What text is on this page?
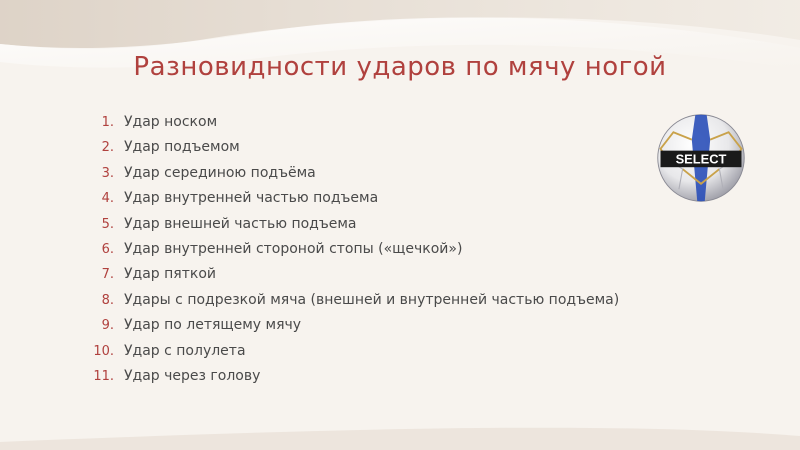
Разновидности ударов по мячу ногой
1. Удар носком
2. Удар подъемом
3. Удар серединою подъёма
4. Удар внутренней частью подъема
5. Удар внешней частью подъема
6. Удар внутренней стороной стопы («щечкой»)
7. Удар пяткой
8. Удары с подрезкой мяча (внешней и внутренней частью подъема)
9. Удар по летящему мячу
10. Удар с полулета
11. Удар через голову
SELECT
